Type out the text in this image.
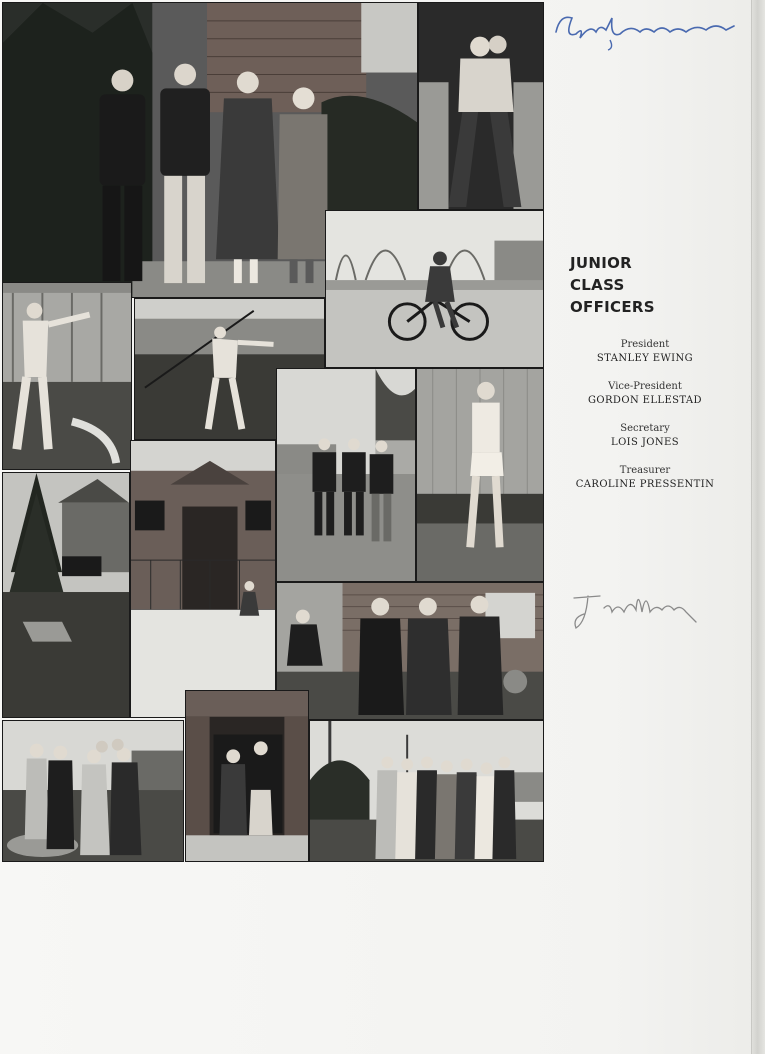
JUNIOR
CLASS
OFFICERS
President
STANLEY EWING
Vice-President
GORDON ELLESTAD
Secretary
LOIS JONES
Treasurer
CAROLINE PRESSENTIN
